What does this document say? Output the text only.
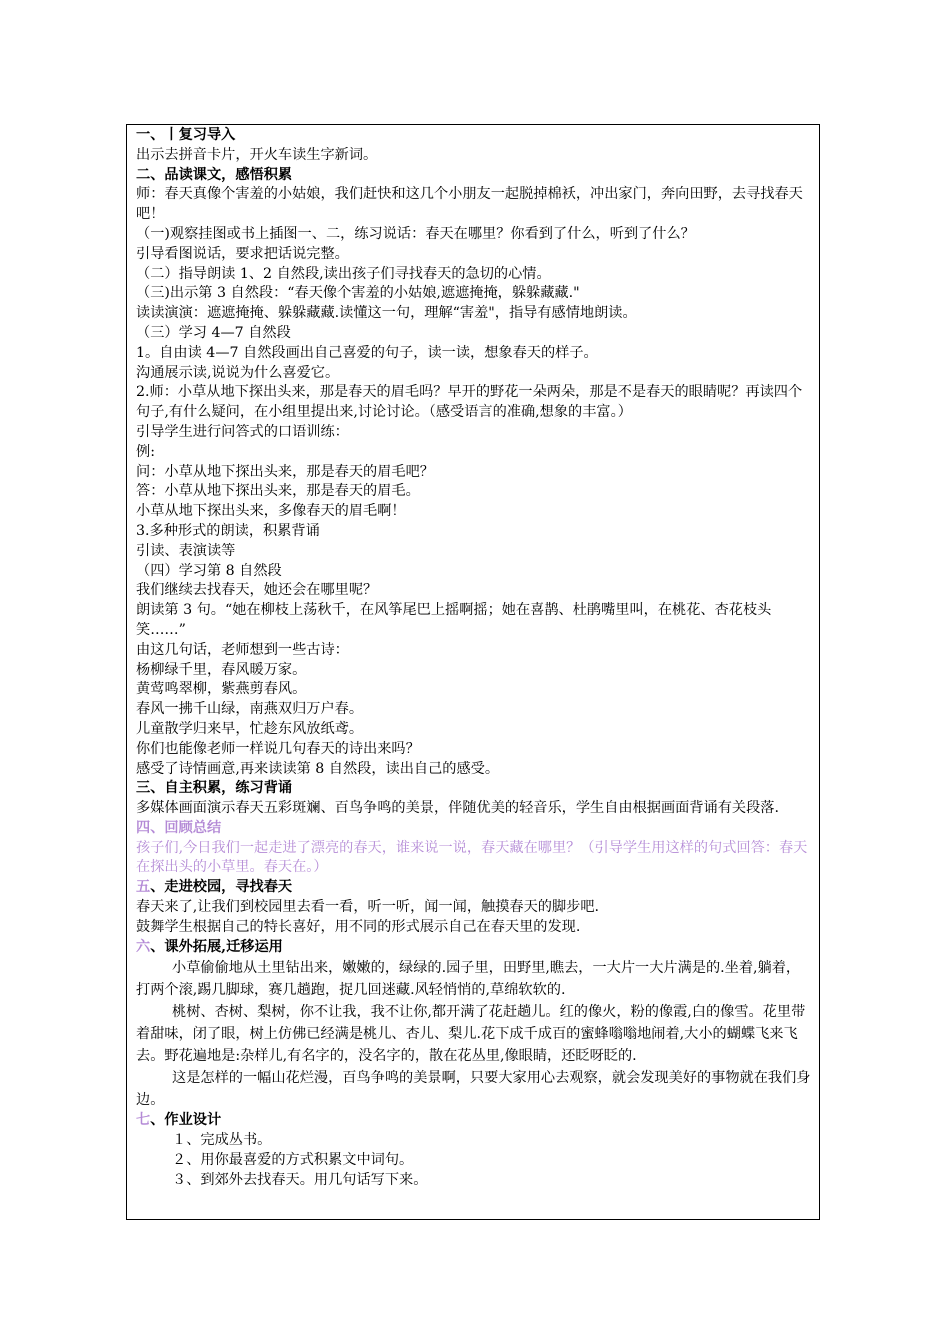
一、丨复习导入
出示去拼音卡片，开火车读生字新词。
二、品读课文，感悟积累
师：春天真像个害羞的小姑娘，我们赶快和这几个小朋友一起脱掉棉袄，冲出家门，奔向田野，去寻找春天吧！
（一)观察挂图或书上插图一、二，练习说话：春天在哪里？你看到了什么，听到了什么？
引导看图说话，要求把话说完整。
（二）指导朗读 1、2 自然段,读出孩子们寻找春天的急切的心情。
（三)出示第 3 自然段：“春天像个害羞的小姑娘,遮遮掩掩，躲躲藏藏."
读读演演：遮遮掩掩、躲躲藏藏.读懂这一句，理解“害羞"，指导有感情地朗读。
（三）学习 4—7 自然段
1。自由读 4—7 自然段画出自己喜爱的句子，读一读，想象春天的样子。
沟通展示读,说说为什么喜爱它。
2.师：小草从地下探出头来，那是春天的眉毛吗？早开的野花一朵两朵，那是不是春天的眼睛呢？再读四个句子,有什么疑问，在小组里提出来,讨论讨论。（感受语言的准确,想象的丰富。）
引导学生进行问答式的口语训练：
例:
问：小草从地下探出头来，那是春天的眉毛吧？
答：小草从地下探出头来，那是春天的眉毛。
小草从地下探出头来，多像春天的眉毛啊！
3.多种形式的朗读，积累背诵
引读、表演读等
（四）学习第 8 自然段
我们继续去找春天，她还会在哪里呢？
朗读第 3 句。“她在柳枝上荡秋千，在风筝尾巴上摇啊摇；她在喜鹊、杜鹃嘴里叫，在桃花、杏花枝头笑……”
由这几句话，老师想到一些古诗：
杨柳绿千里，春风暖万家。
黄莺鸣翠柳，紫燕剪春风。
春风一拂千山绿，南燕双归万户春。
儿童散学归来早，忙趁东风放纸鸢。
你们也能像老师一样说几句春天的诗出来吗？
感受了诗情画意,再来读读第 8 自然段，读出自己的感受。
三、自主积累，练习背诵
多媒体画面演示春天五彩斑斓、百鸟争鸣的美景，伴随优美的轻音乐，学生自由根据画面背诵有关段落.
四、回顾总结
孩子们,今日我们一起走进了漂亮的春天，谁来说一说，春天藏在哪里？（引导学生用这样的句式回答：春天在探出头的小草里。春天在。）
五、走进校园，寻找春天
春天来了,让我们到校园里去看一看，听一听，闻一闻，触摸春天的脚步吧.
鼓舞学生根据自己的特长喜好，用不同的形式展示自己在春天里的发现.
六、课外拓展,迁移运用
小草偷偷地从土里钻出来，嫩嫩的，绿绿的.园子里，田野里,瞧去，一大片一大片满是的.坐着,躺着，打两个滚,踢几脚球，赛几趟跑，捉几回迷藏.风轻悄悄的,草绵软软的.
桃树、杏树、梨树，你不让我，我不让你,都开满了花赶趟儿。红的像火，粉的像霞,白的像雪。花里带着甜味，闭了眼，树上仿佛已经满是桃儿、杏儿、梨儿.花下成千成百的蜜蜂嗡嗡地闹着,大小的蝴蝶飞来飞去。野花遍地是:杂样儿,有名字的，没名字的，散在花丛里,像眼睛，还眨呀眨的.
这是怎样的一幅山花烂漫，百鸟争鸣的美景啊，只要大家用心去观察，就会发现美好的事物就在我们身边。
七、作业设计
１、完成丛书。
２、用你最喜爱的方式积累文中词句。
３、到郊外去找春天。用几句话写下来。
